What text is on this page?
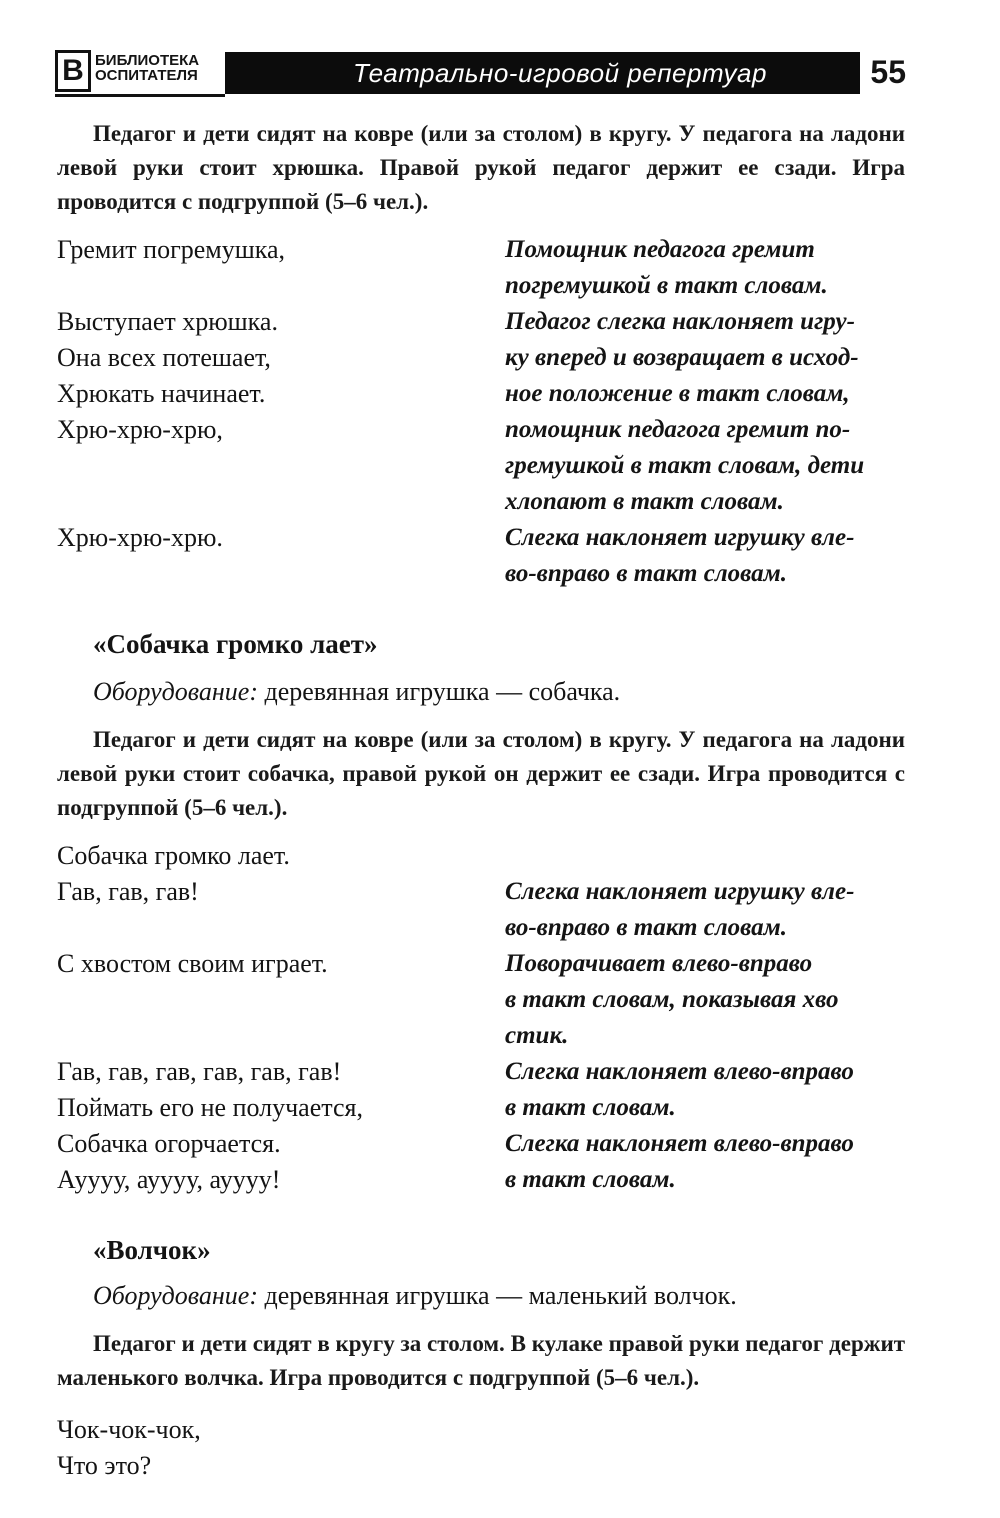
В БИБЛИОТЕКА
ОСПИТАТЕЛЯ	Театрально-игровой репертуар	55
Педагог и дети сидят на ковре (или за столом) в кругу. У педагога на ладони левой руки стоит хрюшка. Правой рукой педагог держит ее сзади. Игра проводится с подгруппой (5–6 чел.).
Гремит погремушка,
Выступает хрюшка.
Она всех потешает,
Хрюкать начинает.
Хрю-хрю-хрю,
Хрю-хрю-хрю.
Помощник педагога гремит
погремушкой в такт словам.
Педагог слегка наклоняет игру-
ку вперед и возвращает в исход-
ное положение в такт словам,
помощник педагога гремит по-
гремушкой в такт словам, дети
хлопают в такт словам.
Слегка наклоняет игрушку вле-
во-вправо в такт словам.
«Собачка громко лает»
Оборудование: деревянная игрушка — собачка.
Педагог и дети сидят на ковре (или за столом) в кругу. У педагога на ладони левой руки стоит собачка, правой рукой он держит ее сзади. Игра проводится с подгруппой (5–6 чел.).
Собачка громко лает.
Гав, гав, гав!
С хвостом своим играет.
Гав, гав, гав, гав, гав, гав!
Поймать его не получается,
Собачка огорчается.
Ауууу, ауууу, ауууу!
Слегка наклоняет игрушку вле-
во-вправо в такт словам.
Поворачивает влево-вправо
в такт словам, показывая хво
стик.
Слегка наклоняет влево-вправо
в такт словам.
Слегка наклоняет влево-вправо
в такт словам.
«Волчок»
Оборудование: деревянная игрушка — маленький волчок.
Педагог и дети сидят в кругу за столом. В кулаке правой руки педагог держит маленького волчка. Игра проводится с подгруппой (5–6 чел.).
Чок-чок-чок,
Что это?
